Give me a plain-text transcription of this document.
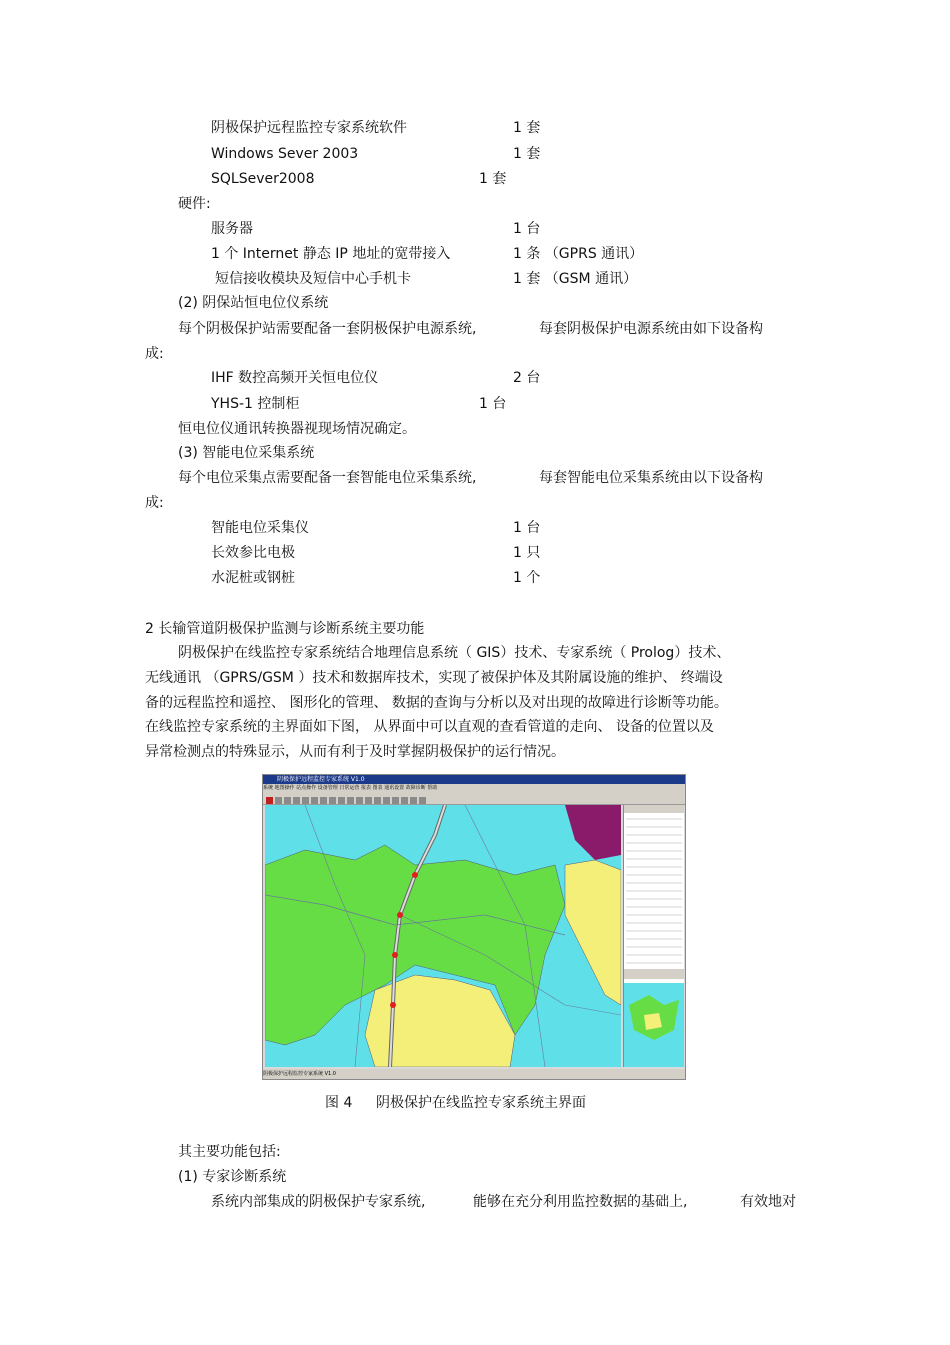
阴极保护远程监控专家系统软件	1 套
Windows Sever 2003	1 套
SQLSever2008	1 套
硬件:
服务器	1 台
1 个 Internet 静态 IP 地址的宽带接入	1 条 （GPRS 通讯）
短信接收模块及短信中心手机卡	1 套 （GSM 通讯）
(2) 阴保站恒电位仪系统
每个阴极保护站需要配备一套阴极保护电源系统,	每套阴极保护电源系统由如下设备构
成:
IHF 数控高频开关恒电位仪	2 台
YHS-1 控制柜	1 台
恒电位仪通讯转换器视现场情况确定。
(3) 智能电位采集系统
每个电位采集点需要配备一套智能电位采集系统,	每套智能电位采集系统由以下设备构
成:
智能电位采集仪	1 台
长效参比电极	1 只
水泥桩或钢桩	1 个
2 长输管道阴极保护监测与诊断系统主要功能
阴极保护在线监控专家系统结合地理信息系统（ GIS）技术、专家系统（ Prolog）技术、
无线通讯 （GPRS/GSM ）技术和数据库技术，实现了被保护体及其附属设施的维护、 终端设
备的远程监控和遥控、 图形化的管理、 数据的查询与分析以及对出现的故障进行诊断等功能。
在线监控专家系统的主界面如下图， 从界面中可以直观的查看管道的走向、 设备的位置以及
异常检测点的特殊显示，从而有利于及时掌握阴极保护的运行情况。
阴极保护远程监控专家系统 V1.0
系统 地图操作 站点操作 设备管理 日常运营 报表 图表 通讯设置 故障诊断 帮助
阴极保护远程监控专家系统 V1.0
图 4 阴极保护在线监控专家系统主界面
其主要功能包括:
(1) 专家诊断系统
系统内部集成的阴极保护专家系统,	能够在充分利用监控数据的基础上,	有效地对
